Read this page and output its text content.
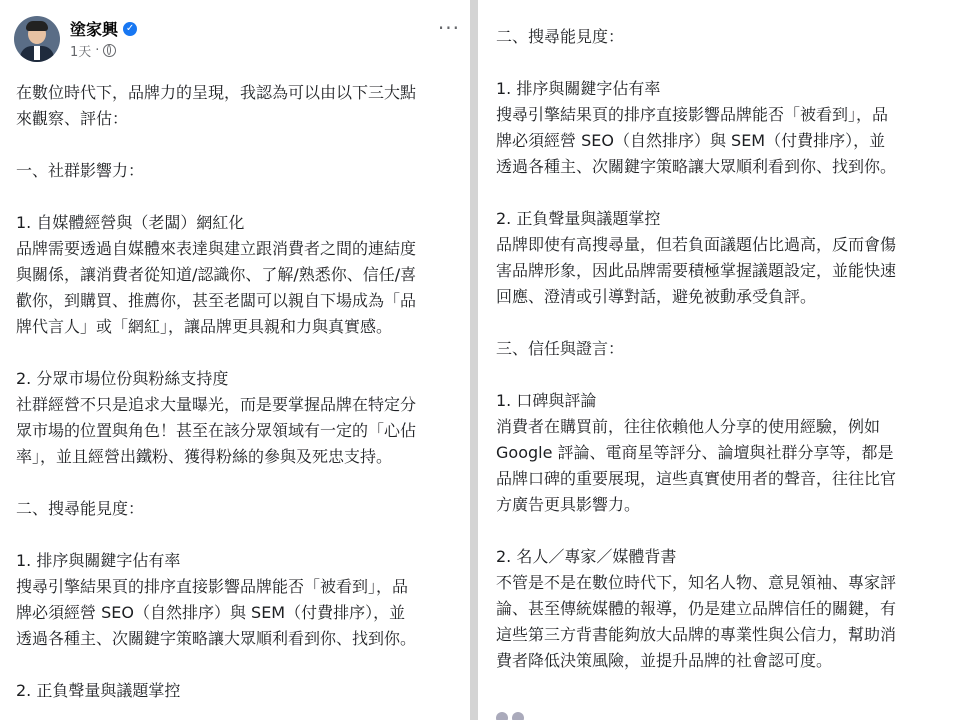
塗家興 ✓
1天 ·
···

在數位時代下，品牌力的呈現，我認為可以由以下三大點

來觀察、評估：

一、社群影響力：

1. 自媒體經營與（老闆）網紅化

品牌需要透過自媒體來表達與建立跟消費者之間的連結度

與關係，讓消費者從知道/認識你、了解/熟悉你、信任/喜

歡你，到購買、推薦你，甚至老闆可以親自下場成為「品

牌代言人」或「網紅」，讓品牌更具親和力與真實感。

2. 分眾市場位份與粉絲支持度

社群經營不只是追求大量曝光，而是要掌握品牌在特定分

眾市場的位置與角色！甚至在該分眾領域有一定的「心佔

率」，並且經營出鐵粉、獲得粉絲的參與及死忠支持。

二、搜尋能見度：

1. 排序與關鍵字佔有率

搜尋引擎結果頁的排序直接影響品牌能否「被看到」，品

牌必須經營 SEO（自然排序）與 SEM（付費排序），並

透過各種主、次關鍵字策略讓大眾順利看到你、找到你。

2. 正負聲量與議題掌控

二、搜尋能見度：

1. 排序與關鍵字佔有率

搜尋引擎結果頁的排序直接影響品牌能否「被看到」，品

牌必須經營 SEO（自然排序）與 SEM（付費排序），並

透過各種主、次關鍵字策略讓大眾順利看到你、找到你。

2. 正負聲量與議題掌控

品牌即使有高搜尋量，但若負面議題佔比過高，反而會傷

害品牌形象，因此品牌需要積極掌握議題設定，並能快速

回應、澄清或引導對話，避免被動承受負評。

三、信任與證言：

1. 口碑與評論

消費者在購買前，往往依賴他人分享的使用經驗，例如

Google 評論、電商星等評分、論壇與社群分享等，都是

品牌口碑的重要展現，這些真實使用者的聲音，往往比官

方廣告更具影響力。

2. 名人／專家／媒體背書

不管是不是在數位時代下，知名人物、意見領袖、專家評

論、甚至傳統媒體的報導，仍是建立品牌信任的關鍵，有

這些第三方背書能夠放大品牌的專業性與公信力，幫助消

費者降低決策風險，並提升品牌的社會認可度。
